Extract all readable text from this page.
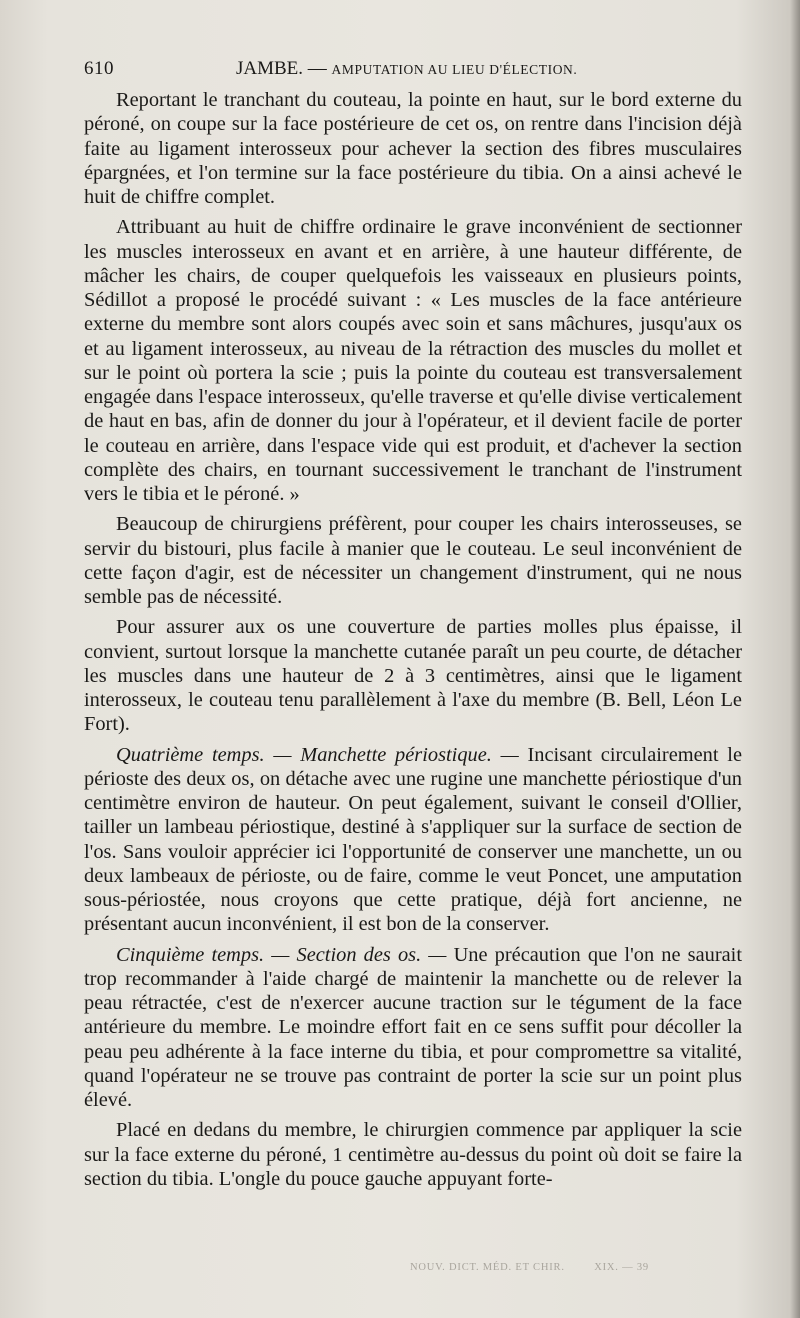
610	JAMBE. — AMPUTATION AU LIEU D'ÉLECTION.

Reportant le tranchant du couteau, la pointe en haut, sur le bord externe du péroné, on coupe sur la face postérieure de cet os, on rentre dans l'incision déjà faite au ligament interosseux pour achever la section des fibres musculaires épargnées, et l'on termine sur la face postérieure du tibia. On a ainsi achevé le huit de chiffre complet.

Attribuant au huit de chiffre ordinaire le grave inconvénient de sectionner les muscles interosseux en avant et en arrière, à une hauteur différente, de mâcher les chairs, de couper quelquefois les vaisseaux en plusieurs points, Sédillot a proposé le procédé suivant : « Les muscles de la face antérieure externe du membre sont alors coupés avec soin et sans mâchures, jusqu'aux os et au ligament interosseux, au niveau de la rétraction des muscles du mollet et sur le point où portera la scie ; puis la pointe du couteau est transversalement engagée dans l'espace interosseux, qu'elle traverse et qu'elle divise verticalement de haut en bas, afin de donner du jour à l'opérateur, et il devient facile de porter le couteau en arrière, dans l'espace vide qui est produit, et d'achever la section complète des chairs, en tournant successivement le tranchant de l'instrument vers le tibia et le péroné. »

Beaucoup de chirurgiens préfèrent, pour couper les chairs interosseuses, se servir du bistouri, plus facile à manier que le couteau. Le seul inconvénient de cette façon d'agir, est de nécessiter un changement d'instrument, qui ne nous semble pas de nécessité.

Pour assurer aux os une couverture de parties molles plus épaisse, il convient, surtout lorsque la manchette cutanée paraît un peu courte, de détacher les muscles dans une hauteur de 2 à 3 centimètres, ainsi que le ligament interosseux, le couteau tenu parallèlement à l'axe du membre (B. Bell, Léon Le Fort).

Quatrième temps. — Manchette périostique. — Incisant circulairement le périoste des deux os, on détache avec une rugine une manchette périostique d'un centimètre environ de hauteur. On peut également, suivant le conseil d'Ollier, tailler un lambeau périostique, destiné à s'appliquer sur la surface de section de l'os. Sans vouloir apprécier ici l'opportunité de conserver une manchette, un ou deux lambeaux de périoste, ou de faire, comme le veut Poncet, une amputation sous-périostée, nous croyons que cette pratique, déjà fort ancienne, ne présentant aucun inconvénient, il est bon de la conserver.

Cinquième temps. — Section des os. — Une précaution que l'on ne saurait trop recommander à l'aide chargé de maintenir la manchette ou de relever la peau rétractée, c'est de n'exercer aucune traction sur le tégument de la face antérieure du membre. Le moindre effort fait en ce sens suffit pour décoller la peau peu adhérente à la face interne du tibia, et pour compromettre sa vitalité, quand l'opérateur ne se trouve pas contraint de porter la scie sur un point plus élevé.

Placé en dedans du membre, le chirurgien commence par appliquer la scie sur la face externe du péroné, 1 centimètre au-dessus du point où doit se faire la section du tibia. L'ongle du pouce gauche appuyant forte-

NOUV. DICT. MÉD. ET CHIR.	XIX. — 39
